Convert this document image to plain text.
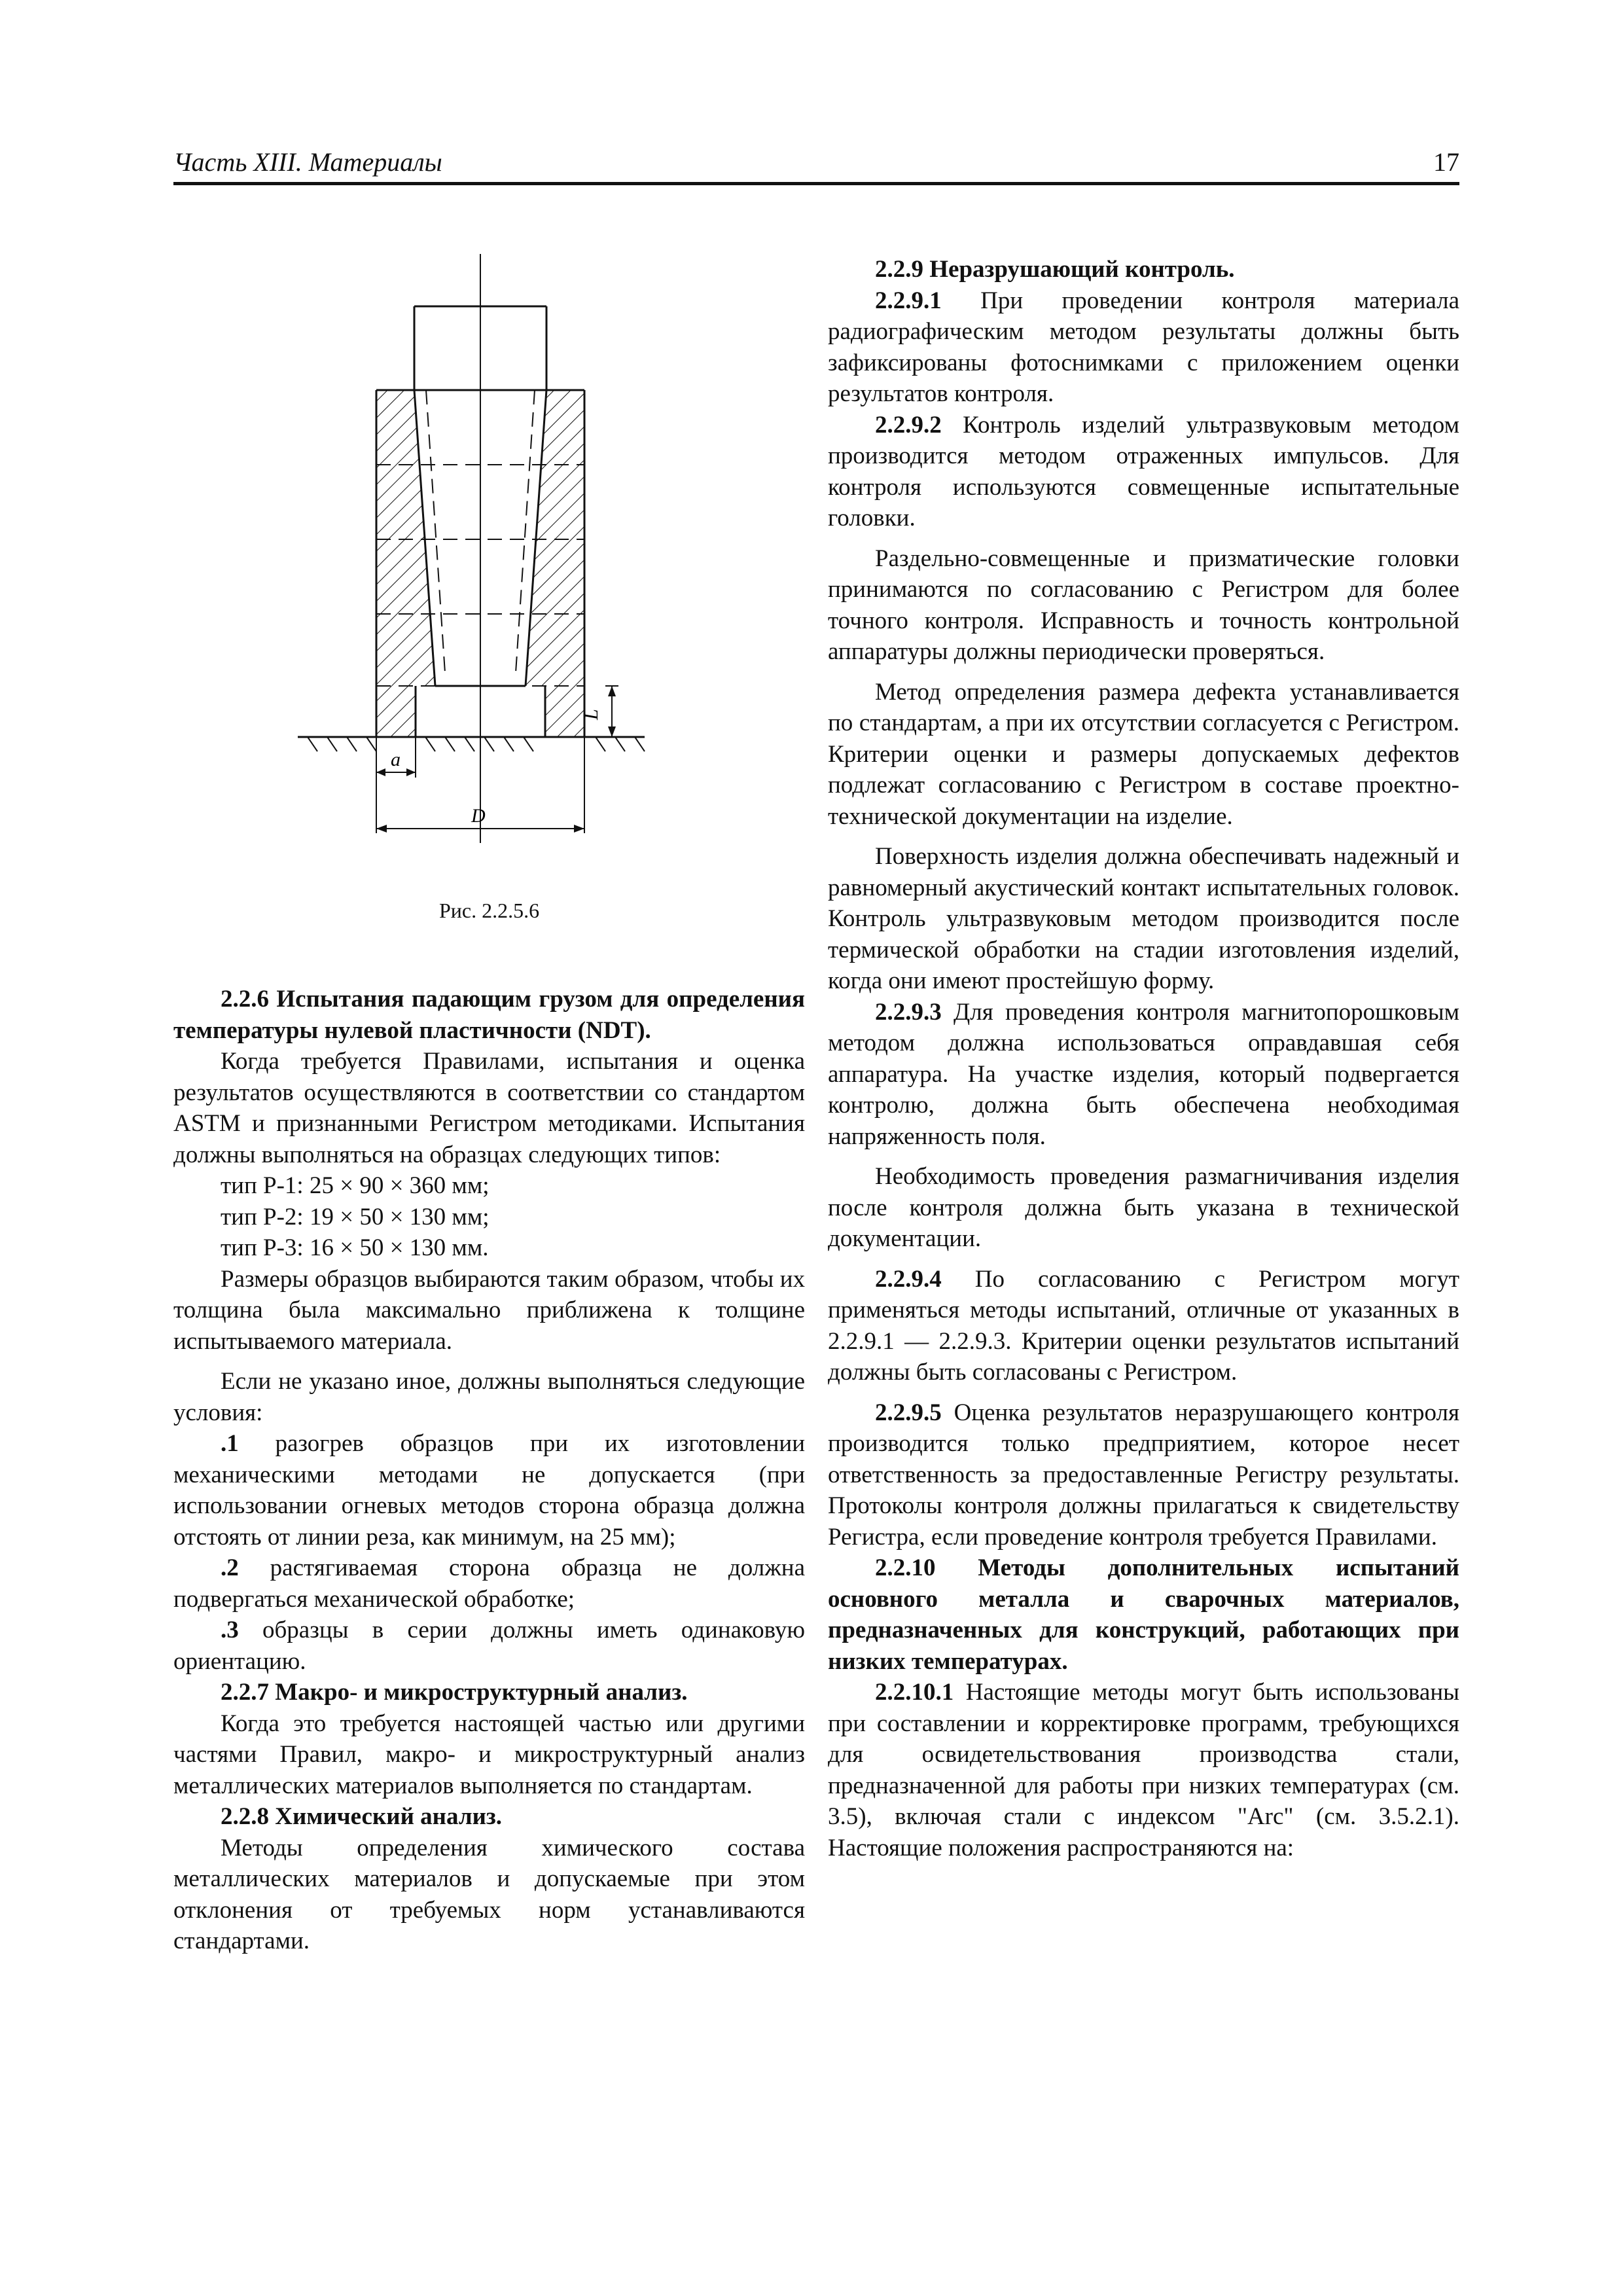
Часть XIII. Материалы	17
L
a
D
Рис. 2.2.5.6

2.2.6 Испытания падающим грузом для определения температуры нулевой пластичности (NDT).

Когда требуется Правилами, испытания и оценка результатов осуществляются в соответствии со стандартом ASTM и признанными Регистром методиками. Испытания должны выполняться на образцах следующих типов:

тип Р-1: 25 × 90 × 360 мм;

тип Р-2: 19 × 50 × 130 мм;

тип Р-3: 16 × 50 × 130 мм.

Размеры образцов выбираются таким образом, чтобы их толщина была максимально приближена к толщине испытываемого материала.

Если не указано иное, должны выполняться следующие условия:

.1 разогрев образцов при их изготовлении механическими методами не допускается (при использовании огневых методов сторона образца должна отстоять от линии реза, как минимум, на 25 мм);

.2 растягиваемая сторона образца не должна подвергаться механической обработке;

.3 образцы в серии должны иметь одинаковую ориентацию.

2.2.7 Макро- и микроструктурный анализ.

Когда это требуется настоящей частью или другими частями Правил, макро- и микроструктурный анализ металлических материалов выполняется по стандартам.

2.2.8 Химический анализ.

Методы определения химического состава металлических материалов и допускаемые при этом отклонения от требуемых норм устанавливаются стандартами.

2.2.9 Неразрушающий контроль.

2.2.9.1 При проведении контроля материала радиографическим методом результаты должны быть зафиксированы фотоснимками с приложением оценки результатов контроля.

2.2.9.2 Контроль изделий ультразвуковым методом производится методом отраженных импульсов. Для контроля используются совмещенные испытательные головки.

Раздельно-совмещенные и призматические головки принимаются по согласованию с Регистром для более точного контроля. Исправность и точность контрольной аппаратуры должны периодически проверяться.

Метод определения размера дефекта устанавливается по стандартам, а при их отсутствии согласуется с Регистром. Критерии оценки и размеры допускаемых дефектов подлежат согласованию с Регистром в составе проектно-технической документации на изделие.

Поверхность изделия должна обеспечивать надежный и равномерный акустический контакт испытательных головок. Контроль ультразвуковым методом производится после термической обработки на стадии изготовления изделий, когда они имеют простейшую форму.

2.2.9.3 Для проведения контроля магнитопорошковым методом должна использоваться оправдавшая себя аппаратура. На участке изделия, который подвергается контролю, должна быть обеспечена необходимая напряженность поля.

Необходимость проведения размагничивания изделия после контроля должна быть указана в технической документации.

2.2.9.4 По согласованию с Регистром могут применяться методы испытаний, отличные от указанных в 2.2.9.1 — 2.2.9.3. Критерии оценки результатов испытаний должны быть согласованы с Регистром.

2.2.9.5 Оценка результатов неразрушающего контроля производится только предприятием, которое несет ответственность за предоставленные Регистру результаты. Протоколы контроля должны прилагаться к свидетельству Регистра, если проведение контроля требуется Правилами.

2.2.10 Методы дополнительных испытаний основного металла и сварочных материалов, предназначенных для конструкций, работающих при низких температурах.

2.2.10.1 Настоящие методы могут быть использованы при составлении и корректировке программ, требующихся для освидетельствования производства стали, предназначенной для работы при низких температурах (см. 3.5), включая стали с индексом "Arc" (см. 3.5.2.1). Настоящие положения распространяются на:
